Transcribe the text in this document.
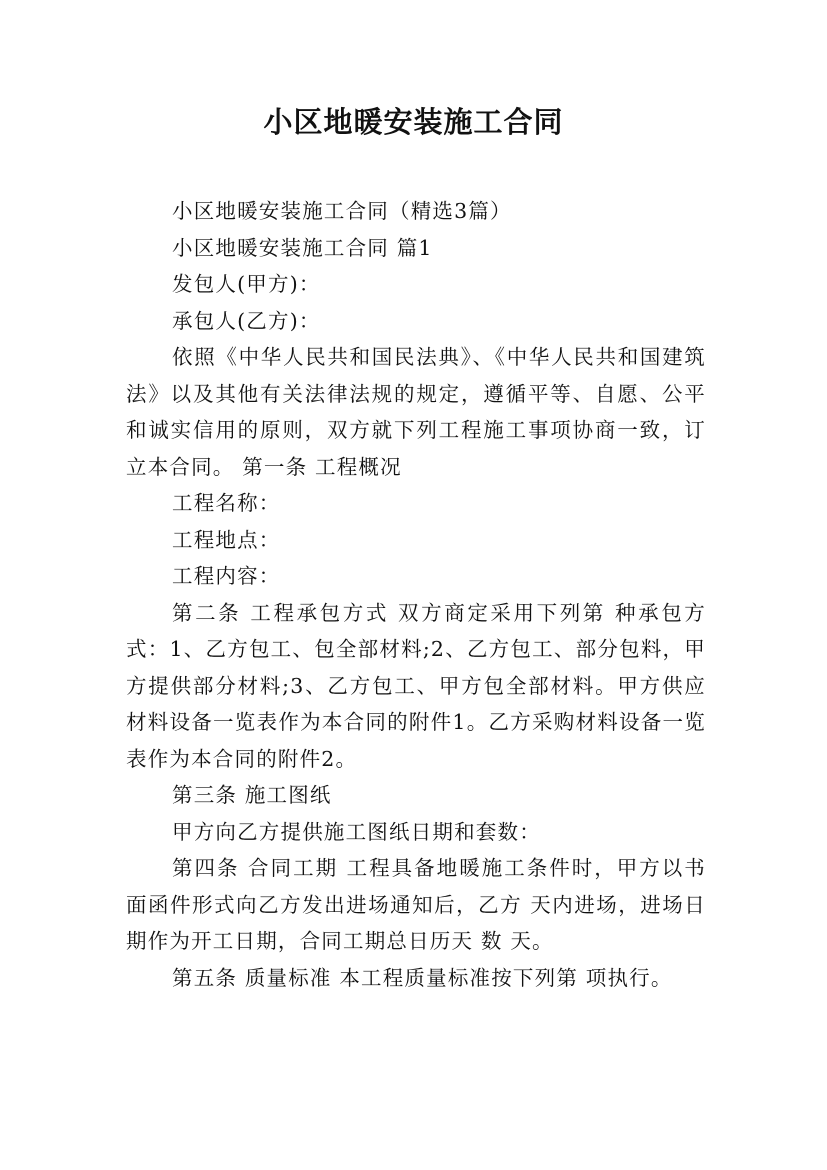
小区地暖安装施工合同

小区地暖安装施工合同（精选3篇）

小区地暖安装施工合同 篇1

发包人(甲方)：

承包人(乙方)：

依照《中华人民共和国民法典》、《中华人民共和国建筑法》以及其他有关法律法规的规定，遵循平等、自愿、公平和诚实信用的原则，双方就下列工程施工事项协商一致，订立本合同。 第一条 工程概况

工程名称：

工程地点：

工程内容：

第二条 工程承包方式 双方商定采用下列第 种承包方式：1、乙方包工、包全部材料;2、乙方包工、部分包料，甲方提供部分材料;3、乙方包工、甲方包全部材料。甲方供应材料设备一览表作为本合同的附件1。乙方采购材料设备一览表作为本合同的附件2。

第三条 施工图纸

甲方向乙方提供施工图纸日期和套数：

第四条 合同工期 工程具备地暖施工条件时，甲方以书面函件形式向乙方发出进场通知后，乙方 天内进场，进场日期作为开工日期，合同工期总日历天 数 天。

第五条 质量标准 本工程质量标准按下列第 项执行。
